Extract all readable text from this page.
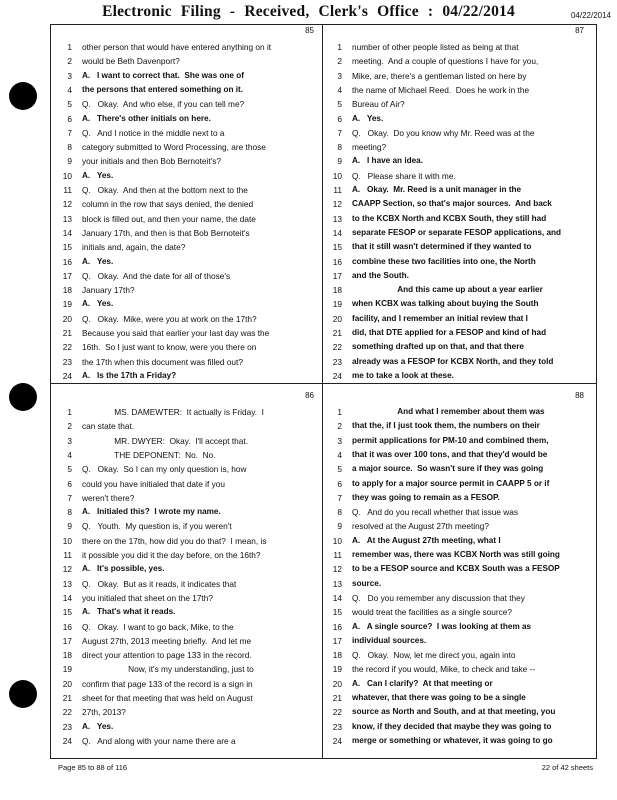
Electronic Filing - Received, Clerk's Office : 04/22/2014	04/22/2014
85
1 other person that would have entered anything on it
2 would be Beth Davenport?
3 A.   I want to correct that.  She was one of
4 the persons that entered something on it.
5 Q.   Okay.  And who else, if you can tell me?
6 A.   There's other initials on here.
7 Q.   And I notice in the middle next to a
8 category submitted to Word Processing, are those
9 your initials and then Bob Bernoteit's?
10 A.   Yes.
11 Q.   Okay.  And then at the bottom next to the
12 column in the row that says denied, the denied
13 block is filled out, and then your name, the date
14 January 17th, and then is that Bob Bernoteit's
15 initials and, again, the date?
16 A.   Yes.
17 Q.   Okay.  And the date for all of those's
18 January 17th?
19 A.   Yes.
20 Q.   Okay.  Mike, were you at work on the 17th?
21 Because you said that earlier your last day was the
22 16th.  So I just want to know, were you there on
23 the 17th when this document was filled out?
24 A.   Is the 17th a Friday?
87
1 number of other people listed as being at that
2 meeting.  And a couple of questions I have for you,
3 Mike, are, there's a gentleman listed on here by
4 the name of Michael Reed.  Does he work in the
5 Bureau of Air?
6 A.   Yes.
7 Q.   Okay.  Do you know why Mr. Reed was at the
8 meeting?
9 A.   I have an idea.
10 Q.   Please share it with me.
11 A.   Okay.  Mr. Reed is a unit manager in the
12 CAAPP Section, so that's major sources.  And back
13 to the KCBX North and KCBX South, they still had
14 separate FESOP or separate FESOP applications, and
15 that it still wasn't determined if they wanted to
16 combine these two facilities into one, the North
17 and the South.
18 And this came up about a year earlier
19 when KCBX was talking about buying the South
20 facility, and I remember an initial review that I
21 did, that DTE applied for a FESOP and kind of had
22 something drafted up on that, and that there
23 already was a FESOP for KCBX North, and they told
24 me to take a look at these.
86
1 MS. DAMEWTER:  It actually is Friday.  I
2 can state that.
3 MR. DWYER:  Okay.  I'll accept that.
4 THE DEPONENT:  No.  No.
5 Q.   Okay.  So I can my only question is, how
6 could you have initialed that date if you
7 weren't there?
8 A.   Initialed this?  I wrote my name.
9 Q.   Youth.  My question is, if you weren't
10 there on the 17th, how did you do that?  I mean, is
11 it possible you did it the day before, on the 16th?
12 A.   It's possible, yes.
13 Q.   Okay.  But as it reads, it indicates that
14 you initialed that sheet on the 17th?
15 A.   That's what it reads.
16 Q.   Okay.  I want to go back, Mike, to the
17 August 27th, 2013 meeting briefly.  And let me
18 direct your attention to page 133 in the record.
19 Now, it's my understanding, just to
20 confirm that page 133 of the record is a sign in
21 sheet for that meeting that was held on August
22 27th, 2013?
23 A.   Yes.
24 Q.   And along with your name there are a
88
1 And what I remember about them was
2 that the, if I just took them, the numbers on their
3 permit applications for PM-10 and combined them,
4 that it was over 100 tons, and that they'd would be
5 a major source.  So wasn't sure if they was going
6 to apply for a major source permit in CAAPP 5 or if
7 they was going to remain as a FESOP.
8 Q.   And do you recall whether that issue was
9 resolved at the August 27th meeting?
10 A.   At the August 27th meeting, what I
11 remember was, there was KCBX North was still going
12 to be a FESOP source and KCBX South was a FESOP
13 source.
14 Q.   Do you remember any discussion that they
15 would treat the facilities as a single source?
16 A.   A single source?  I was looking at them as
17 individual sources.
18 Q.   Okay.  Now, let me direct you, again into
19 the record if you would, Mike, to check and take --
20 A.   Can I clarify?  At that meeting or
21 whatever, that there was going to be a single
22 source as North and South, and at that meeting, you
23 know, if they decided that maybe they was going to
24 merge or something or whatever, it was going to go
Page 85 to 88 of 116	22 of 42 sheets
